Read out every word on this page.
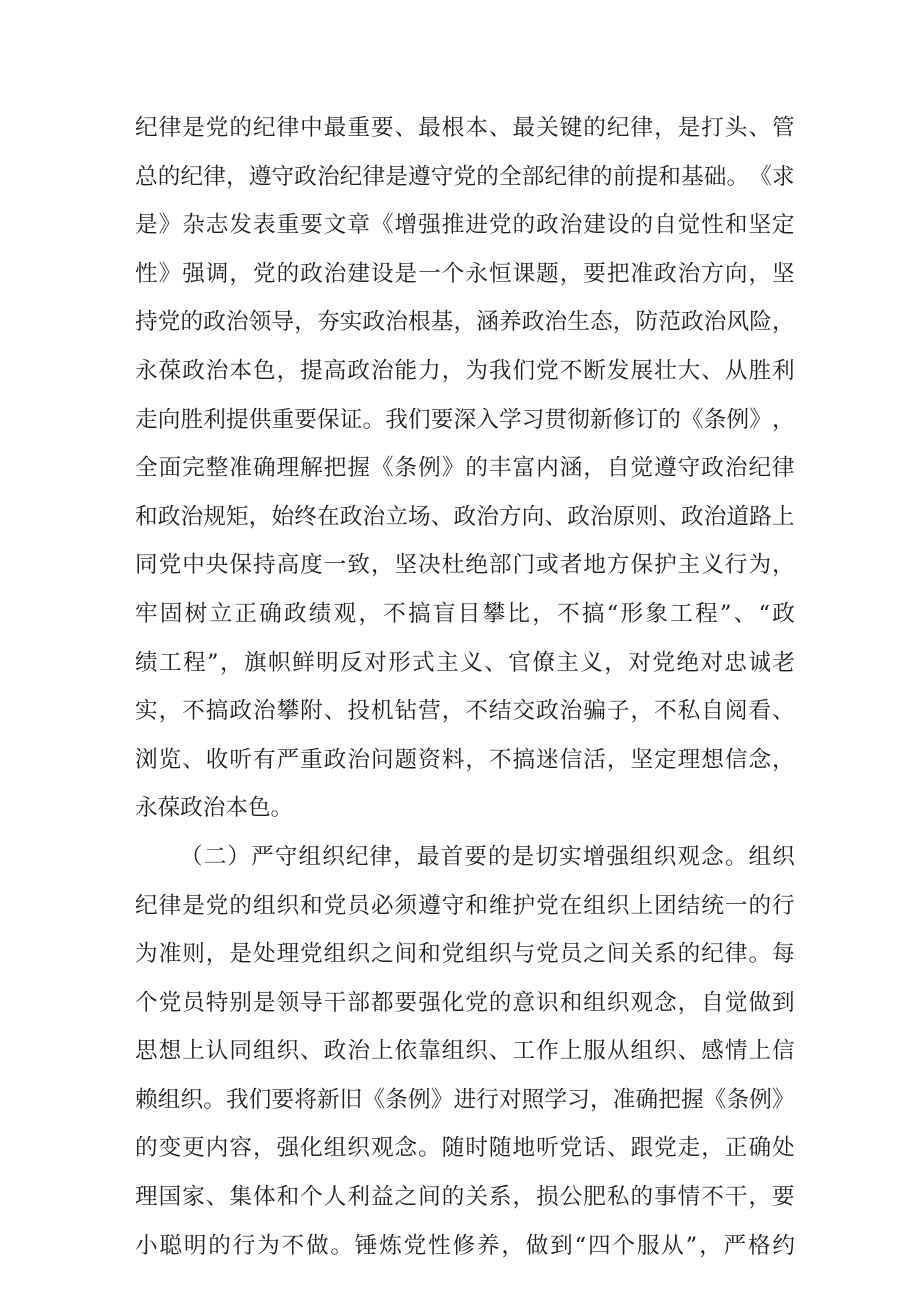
纪 律 是 党 的 纪 律 中 最 重 要 、 最 根 本 、 最 关 键 的 纪 律 ， 是 打 头 、 管
总 的 纪 律 ， 遵 守 政 治 纪 律 是 遵 守 党 的 全 部 纪 律 的 前 提 和 基 础 。 《 求
是 》 杂 志 发 表 重 要 文 章 《 增 强 推 进 党 的 政 治 建 设 的 自 觉 性 和 坚 定
性 》 强 调 ， 党 的 政 治 建 设 是 一 个 永 恒 课 题 ， 要 把 准 政 治 方 向 ， 坚
持 党 的 政 治 领 导 ， 夯 实 政 治 根 基 ， 涵 养 政 治 生 态 ， 防 范 政 治 风 险 ，
永 葆 政 治 本 色 ， 提 高 政 治 能 力 ， 为 我 们 党 不 断 发 展 壮 大 、 从 胜 利
走 向 胜 利 提 供 重 要 保 证 。 我 们 要 深 入 学 习 贯 彻 新 修 订 的 《 条 例 》 ，
全 面 完 整 准 确 理 解 把 握 《 条 例 》 的 丰 富 内 涵 ， 自 觉 遵 守 政 治 纪 律
和 政 治 规 矩 ， 始 终 在 政 治 立 场 、 政 治 方 向 、 政 治 原 则 、 政 治 道 路 上
同 党 中 央 保 持 高 度 一 致 ， 坚 决 杜 绝 部 门 或 者 地 方 保 护 主 义 行 为 ，
牢 固 树 立 正 确 政 绩 观 ， 不 搞 盲 目 攀 比 ， 不 搞 “ 形 象 工 程 ” 、 “ 政
绩 工 程 ” ， 旗 帜 鲜 明 反 对 形 式 主 义 、 官 僚 主 义 ， 对 党 绝 对 忠 诚 老
实 ， 不 搞 政 治 攀 附 、 投 机 钻 营 ， 不 结 交 政 治 骗 子 ， 不 私 自 阅 看 、
浏 览 、 收 听 有 严 重 政 治 问 题 资 料 ， 不 搞 迷 信 活 ， 坚 定 理 想 信 念 ，
永葆政治本色。
（ 二 ） 严 守 组 织 纪 律 ， 最 首 要 的 是 切 实 增 强 组 织 观 念 。 组 织
纪 律 是 党 的 组 织 和 党 员 必 须 遵 守 和 维 护 党 在 组 织 上 团 结 统 一 的 行
为 准 则 ， 是 处 理 党 组 织 之 间 和 党 组 织 与 党 员 之 间 关 系 的 纪 律 。 每
个 党 员 特 别 是 领 导 干 部 都 要 强 化 党 的 意 识 和 组 织 观 念 ， 自 觉 做 到
思 想 上 认 同 组 织 、 政 治 上 依 靠 组 织 、 工 作 上 服 从 组 织 、 感 情 上 信
赖 组 织 。 我 们 要 将 新 旧 《 条 例 》 进 行 对 照 学 习 ， 准 确 把 握 《 条 例 》
的 变 更 内 容 ， 强 化 组 织 观 念 。 随 时 随 地 听 党 话 、 跟 党 走 ， 正 确 处
理 国 家 、 集 体 和 个 人 利 益 之 间 的 关 系 ， 损 公 肥 私 的 事 情 不 干 ， 要
小 聪 明 的 行 为 不 做 。 锤 炼 党 性 修 养 ， 做 到 “ 四 个 服 从 ” ， 严 格 约
